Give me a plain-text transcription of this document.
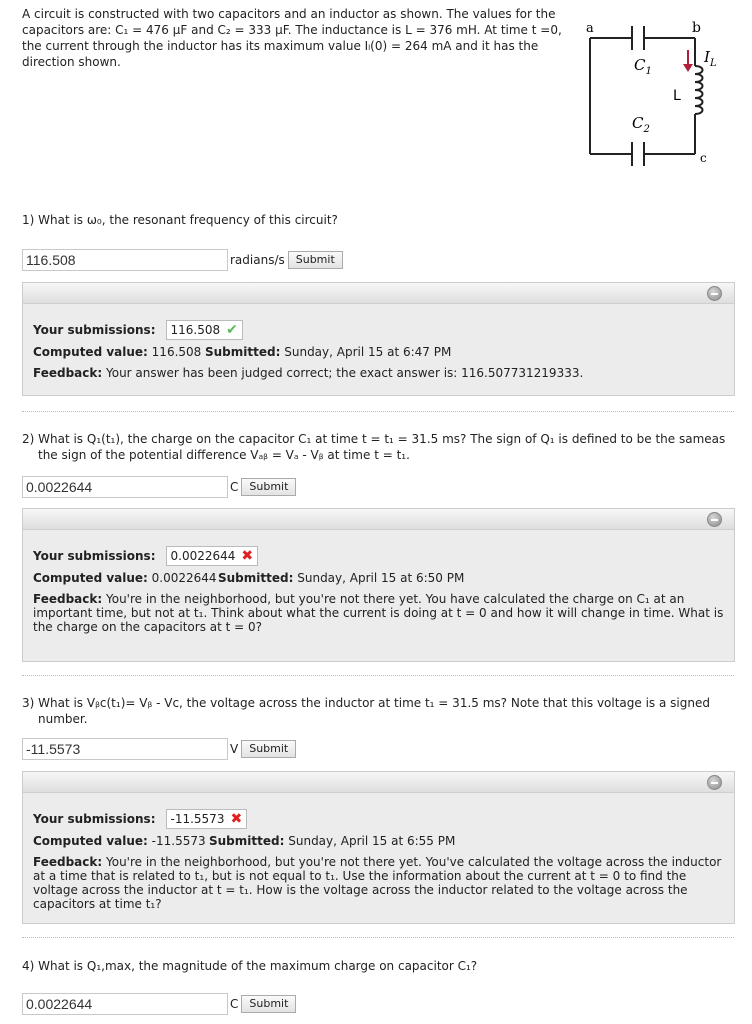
A circuit is constructed with two capacitors and an inductor as shown. The values for the capacitors are: C₁ = 476 μF and C₂ = 333 μF. The inductance is L = 376 mH. At time t =0, the current through the inductor has its maximum value Iₗ(0) = 264 mA and it has the direction shown.
a	b
c
$C_1$
$C_2$
L
$I_L$
1) What is ω₀, the resonant frequency of this circuit?
116.508
radians/s	Submit
Your submissions: 116.508 ✔
Computed value: 116.508 Submitted: Sunday, April 15 at 6:47 PM
Feedback: Your answer has been judged correct; the exact answer is: 116.507731219333.
2) What is Q₁(t₁), the charge on the capacitor C₁ at time t = t₁ = 31.5 ms? The sign of Q₁ is defined to be the sameas the sign of the potential difference Vₐᵦ = Vₐ - Vᵦ at time t = t₁.
0.0022644
C	Submit
Your submissions: 0.0022644 ✖
Computed value: 0.0022644 Submitted: Sunday, April 15 at 6:50 PM
Feedback: You're in the neighborhood, but you're not there yet. You have calculated the charge on C₁ at an important time, but not at t₁. Think about what the current is doing at t = 0 and how it will change in time. What is the charge on the capacitors at t = 0?
3) What is Vᵦc(t₁)= Vᵦ - Vc, the voltage across the inductor at time t₁ = 31.5 ms? Note that this voltage is a signed number.
-11.5573
V	Submit
Your submissions: -11.5573 ✖
Computed value: -11.5573 Submitted: Sunday, April 15 at 6:55 PM
Feedback: You're in the neighborhood, but you're not there yet. You've calculated the voltage across the inductor at a time that is related to t₁, but is not equal to t₁. Use the information about the current at t = 0 to find the voltage across the inductor at t = t₁. How is the voltage across the inductor related to the voltage across the capacitors at time t₁?
4) What is Q₁,max, the magnitude of the maximum charge on capacitor C₁?
0.0022644
C	Submit
